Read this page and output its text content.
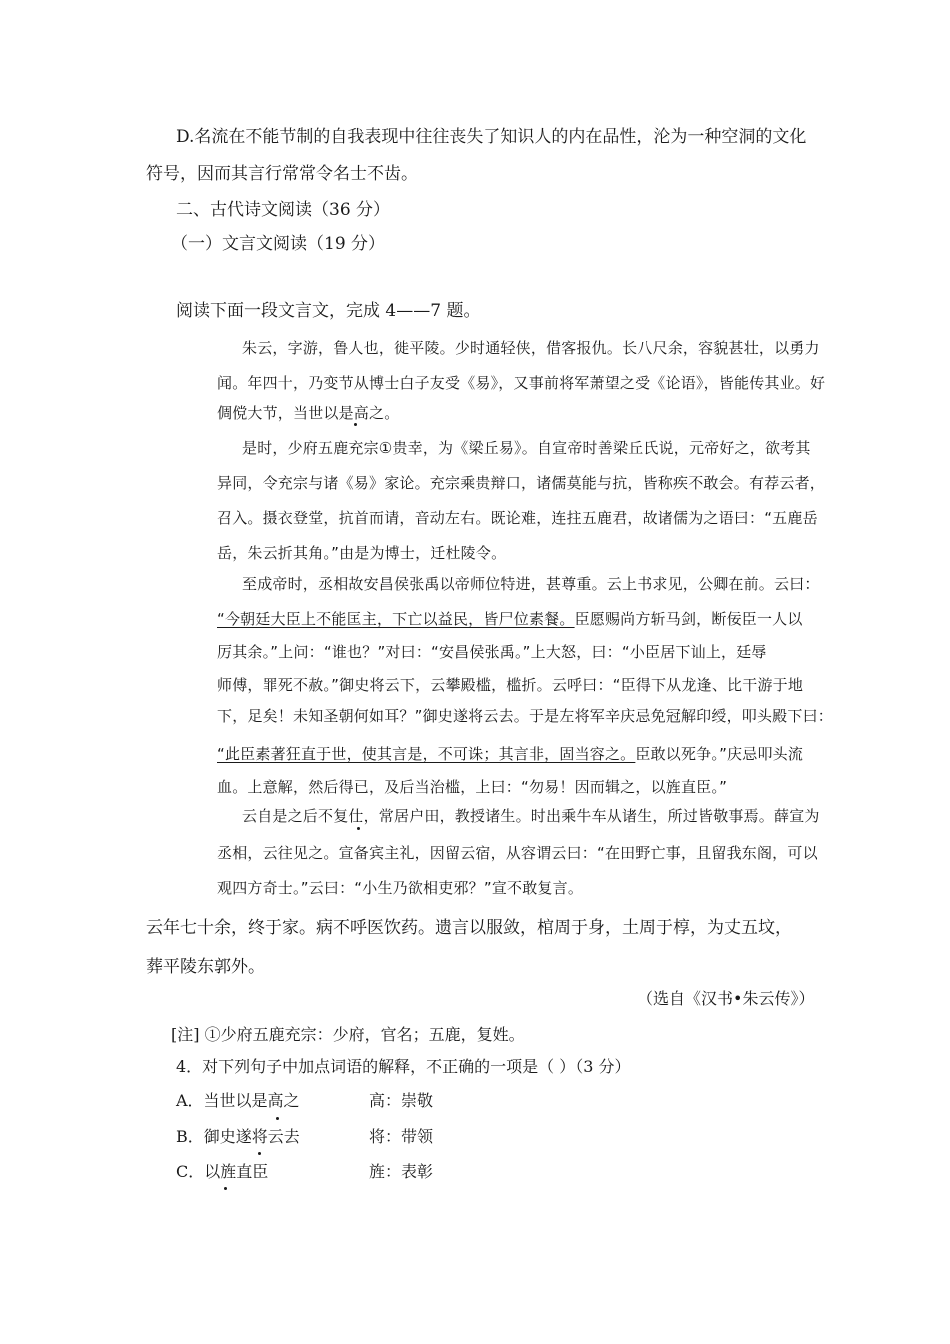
D.名流在不能节制的自我表现中往往丧失了知识人的内在品性，沦为一种空洞的文化
符号，因而其言行常常令名士不齿。
二、古代诗文阅读（36 分）
（一）文言文阅读（19 分）
阅读下面一段文言文，完成 4——7 题。
朱 云 ， 字 游 ， 鲁 人 也 ， 徙 平 陵 。 少 时 通 轻 侠 ， 借 客 报 仇 。 长 八 尺 余 ， 容 貌 甚 壮 ， 以 勇 力
闻。年四十，乃变节从博士白子友受《易》，又事前将军萧望之受《论语》，皆能传其业。好
倜傥大节，当世以是高之。
是时，少府五鹿充宗①贵幸，为《梁丘易》。自宣帝时善梁丘氏说，元帝好之，欲考其
异同，令充宗与诸《易》家论。充宗乘贵辩口，诸儒莫能与抗，皆称疾不敢会。有荐云者，
召入。摄衣登堂，抗首而请，音动左右。既论难，连拄五鹿君，故诸儒为之语曰：“五鹿岳
岳，朱云折其角。”由是为博士，迁杜陵令。
至成帝时，丞相故安昌侯张禹以帝师位特进，甚尊重。云上书求见，公卿在前。云曰：
“今朝廷大臣上不能匡主，下亡以益民，皆尸位素餐。臣愿赐尚方斩马剑，断佞臣一人以
厉其余。”上问：“谁也？”对曰：“安昌侯张禹。”上大怒，曰：“小臣居下讪上，廷辱
师傅，罪死不赦。”御史将云下，云攀殿槛，槛折。云呼曰：“臣得下从龙逢、比干游于地
下，足矣！未知圣朝何如耳？”御史遂将云去。于是左将军辛庆忌免冠解印绶，叩头殿下曰：
“此臣素著狂直于世，使其言是，不可诛；其言非，固当容之。臣敢以死争。”庆忌叩头流
血。上意解，然后得已，及后当治槛，上曰：“勿易！因而辑之，以旌直臣。”
云自是之后不复仕，常居户田，教授诸生。时出乘牛车从诸生，所过皆敬事焉。薛宣为
丞相，云往见之。宣备宾主礼，因留云宿，从容谓云曰：“在田野亡事，且留我东阁，可以
观四方奇士。”云曰：“小生乃欲相吏邪？”宣不敢复言。
云年七十余，终于家。病不呼医饮药。遗言以服敛，棺周于身，土周于椁，为丈五坟，
葬平陵东郭外。
（选自《汉书•朱云传》）
[注] ①少府五鹿充宗：少府，官名；五鹿，复姓。
4．对下列句子中加点词语的解释，不正确的一项是（ ）（3 分）
A．当世以是高之	高：崇敬
B．御史遂将云去	将：带领
C．以旌直臣	旌：表彰
